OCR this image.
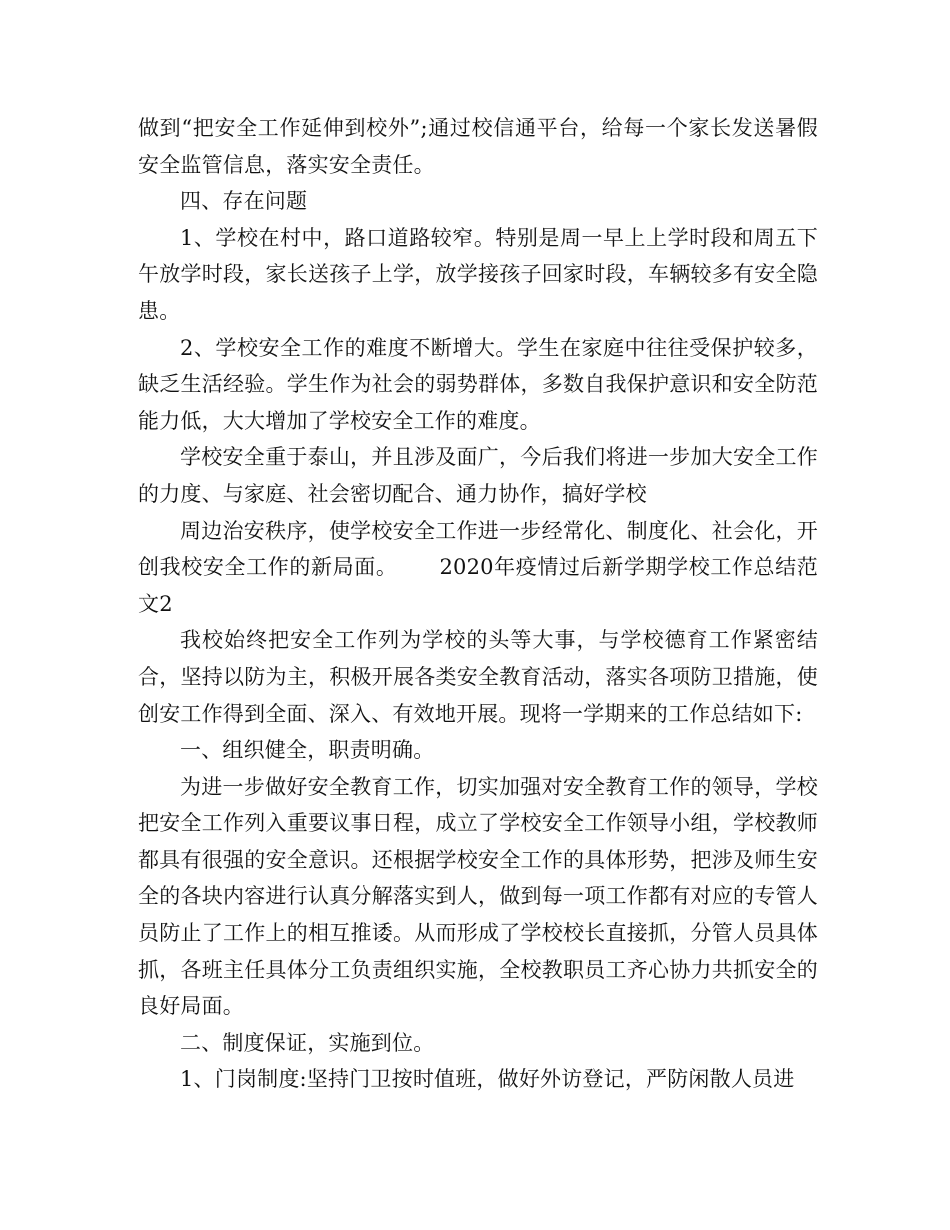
做到“把安全工作延伸到校外”;通过校信通平台，给每一个家长发送暑假安全监管信息，落实安全责任。

四、存在问题

1、学校在村中，路口道路较窄。特别是周一早上上学时段和周五下午放学时段，家长送孩子上学，放学接孩子回家时段，车辆较多有安全隐患。

2、学校安全工作的难度不断增大。学生在家庭中往往受保护较多，缺乏生活经验。学生作为社会的弱势群体，多数自我保护意识和安全防范能力低，大大增加了学校安全工作的难度。

学校安全重于泰山，并且涉及面广，今后我们将进一步加大安全工作的力度、与家庭、社会密切配合、通力协作，搞好学校

周边治安秩序，使学校安全工作进一步经常化、制度化、社会化，开创我校安全工作的新局面。 2020年疫情过后新学期学校工作总结范文2

我校始终把安全工作列为学校的头等大事，与学校德育工作紧密结合，坚持以防为主，积极开展各类安全教育活动，落实各项防卫措施，使创安工作得到全面、深入、有效地开展。现将一学期来的工作总结如下:

一、组织健全，职责明确。

为进一步做好安全教育工作，切实加强对安全教育工作的领导，学校把安全工作列入重要议事日程，成立了学校安全工作领导小组，学校教师都具有很强的安全意识。还根据学校安全工作的具体形势，把涉及师生安全的各块内容进行认真分解落实到人，做到每一项工作都有对应的专管人员防止了工作上的相互推诿。从而形成了学校校长直接抓，分管人员具体抓，各班主任具体分工负责组织实施，全校教职员工齐心协力共抓安全的良好局面。

二、制度保证，实施到位。

1、门岗制度:坚持门卫按时值班，做好外访登记，严防闲散人员进
